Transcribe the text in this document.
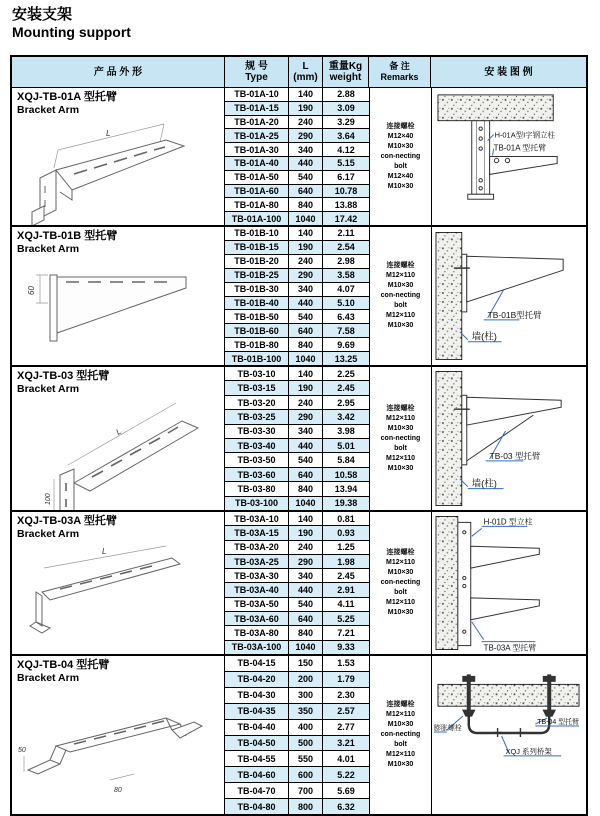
安装支架
Mounting support
产 品 外 形	规 号
Type
L
(mm)
重量Kg
weight
备 注
Remarks	安 装 图 例
XQJ-TB-01A 型托臂
Bracket Arm
L
TB-01A-10	140	2.88
TB-01A-15	190	3.09
TB-01A-20	240	3.29
TB-01A-25	290	3.64
TB-01A-30	340	4.12
TB-01A-40	440	5.15
TB-01A-50	540	6.17
TB-01A-60	640	10.78
TB-01A-80	840	13.88
TB-01A-100	1040	17.42
连接螺栓
M12×40
M10×30
con-necting
bolt
M12×40
M10×30
H-01A型I字钢立柱
TB-01A 型托臂
XQJ-TB-01B 型托臂
Bracket Arm
60
TB-01B-10	140	2.11
TB-01B-15	190	2.54
TB-01B-20	240	2.98
TB-01B-25	290	3.58
TB-01B-30	340	4.07
TB-01B-40	440	5.10
TB-01B-50	540	6.43
TB-01B-60	640	7.58
TB-01B-80	840	9.69
TB-01B-100	1040	13.25
连接螺栓
M12×110
M10×30
con-necting
bolt
M12×110
M10×30
TB-01B型托臂
墙(柱)
XQJ-TB-03 型托臂
Bracket Arm
L
100
TB-03-10	140	2.25
TB-03-15	190	2.45
TB-03-20	240	2.95
TB-03-25	290	3.42
TB-03-30	340	3.98
TB-03-40	440	5.01
TB-03-50	540	5.84
TB-03-60	640	10.58
TB-03-80	840	13.94
TB-03-100	1040	19.38
连接螺栓
M12×110
M10×30
con-necting
bolt
M12×110
M10×30
TB-03 型托臂
墙(柱)
XQJ-TB-03A 型托臂
Bracket Arm
L
TB-03A-10	140	0.81
TB-03A-15	190	0.93
TB-03A-20	240	1.25
TB-03A-25	290	1.98
TB-03A-30	340	2.45
TB-03A-40	440	2.91
TB-03A-50	540	4.11
TB-03A-60	640	5.25
TB-03A-80	840	7.21
TB-03A-100	1040	9.33
连接螺栓
M12×110
M10×30
con-necting
bolt
M12×110
M10×30
H-01D 型立柱
TB-03A 型托臂
XQJ-TB-04 型托臂
Bracket Arm
50
80
TB-04-15	150	1.53
TB-04-20	200	1.79
TB-04-30	300	2.30
TB-04-35	350	2.57
TB-04-40	400	2.77
TB-04-50	500	3.21
TB-04-55	550	4.01
TB-04-60	600	5.22
TB-04-70	700	5.69
TB-04-80	800	6.32
连接螺栓
M12×110
M10×30
con-necting
bolt
M12×110
M10×30
膨胀螺栓
TB-04 型托臂
XQJ 系列桥架
